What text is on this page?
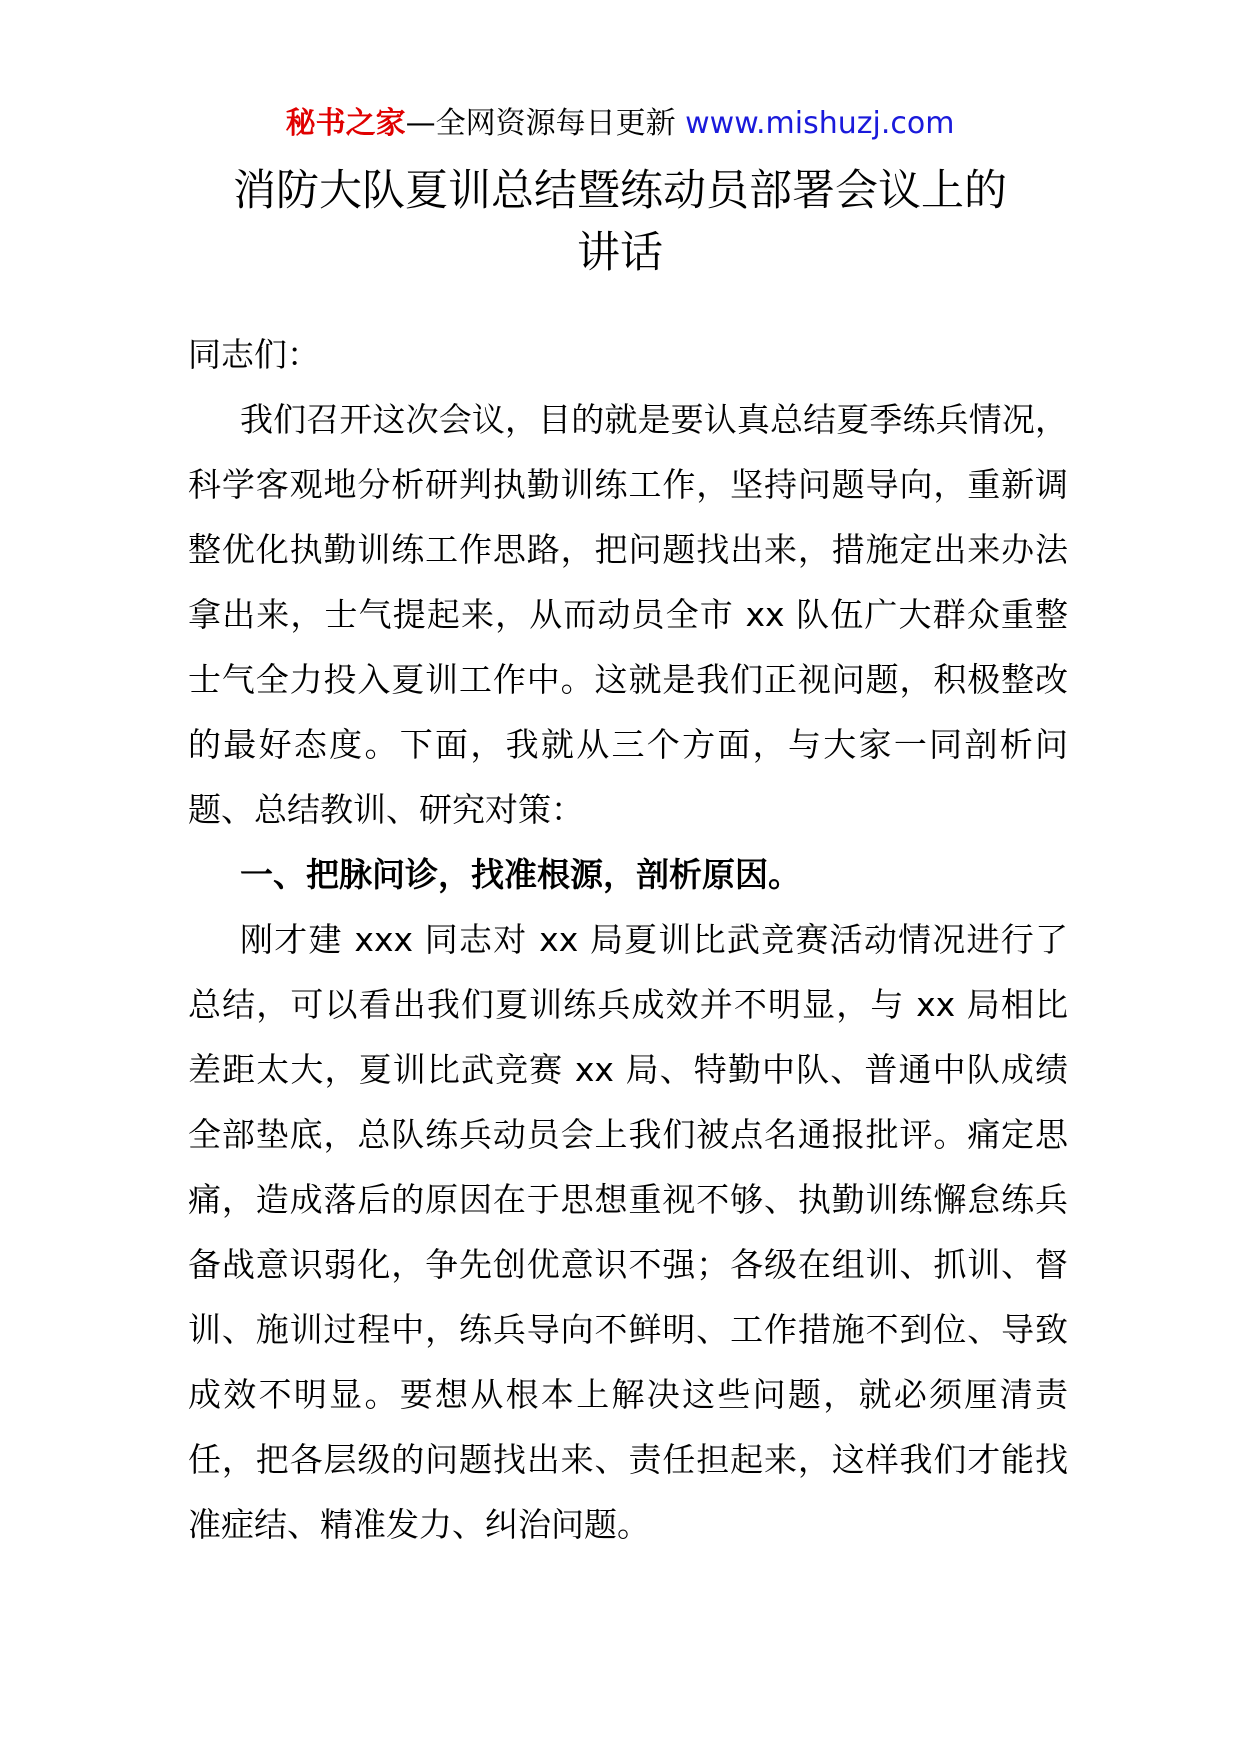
秘书之家—全网资源每日更新 www.mishuzj.com
消防大队夏训总结暨练动员部署会议上的
讲话

同志们：

我们召开这次会议，目的就是要认真总结夏季练兵情况，科学客观地分析研判执勤训练工作，坚持问题导向，重新调整优化执勤训练工作思路，把问题找出来，措施定出来办法拿出来，士气提起来，从而动员全市 xx 队伍广大群众重整士气全力投入夏训工作中。这就是我们正视问题，积极整改的最好态度。下面，我就从三个方面，与大家一同剖析问题、总结教训、研究对策：

一、把脉问诊，找准根源，剖析原因。

刚才建 xxx 同志对 xx 局夏训比武竞赛活动情况进行了总结，可以看出我们夏训练兵成效并不明显，与 xx 局相比差距太大，夏训比武竞赛 xx 局、特勤中队、普通中队成绩全部垫底，总队练兵动员会上我们被点名通报批评。痛定思痛，造成落后的原因在于思想重视不够、执勤训练懈怠练兵备战意识弱化，争先创优意识不强；各级在组训、抓训、督训、施训过程中，练兵导向不鲜明、工作措施不到位、导致成效不明显。要想从根本上解决这些问题，就必须厘清责任，把各层级的问题找出来、责任担起来，这样我们才能找准症结、精准发力、纠治问题。
